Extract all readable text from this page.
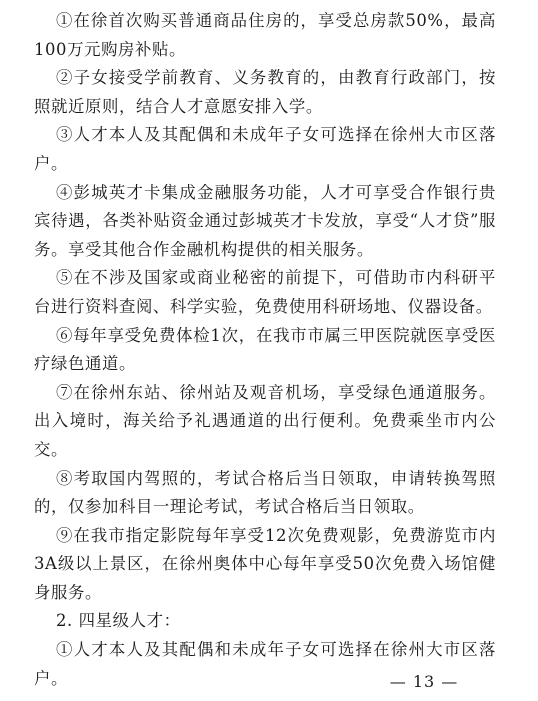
①在徐首次购买普通商品住房的，享受总房款50%，最高100万元购房补贴。

②子女接受学前教育、义务教育的，由教育行政部门，按照就近原则，结合人才意愿安排入学。

③人才本人及其配偶和未成年子女可选择在徐州大市区落户。

④彭城英才卡集成金融服务功能，人才可享受合作银行贵宾待遇，各类补贴资金通过彭城英才卡发放，享受“人才贷”服务。享受其他合作金融机构提供的相关服务。

⑤在不涉及国家或商业秘密的前提下，可借助市内科研平台进行资料查阅、科学实验，免费使用科研场地、仪器设备。

⑥每年享受免费体检1次，在我市市属三甲医院就医享受医疗绿色通道。

⑦在徐州东站、徐州站及观音机场，享受绿色通道服务。出入境时，海关给予礼遇通道的出行便利。免费乘坐市内公交。

⑧考取国内驾照的，考试合格后当日领取，申请转换驾照的，仅参加科目一理论考试，考试合格后当日领取。

⑨在我市指定影院每年享受12次免费观影，免费游览市内3A级以上景区，在徐州奥体中心每年享受50次免费入场馆健身服务。

2. 四星级人才：

①人才本人及其配偶和未成年子女可选择在徐州大市区落户。	— 13 —
